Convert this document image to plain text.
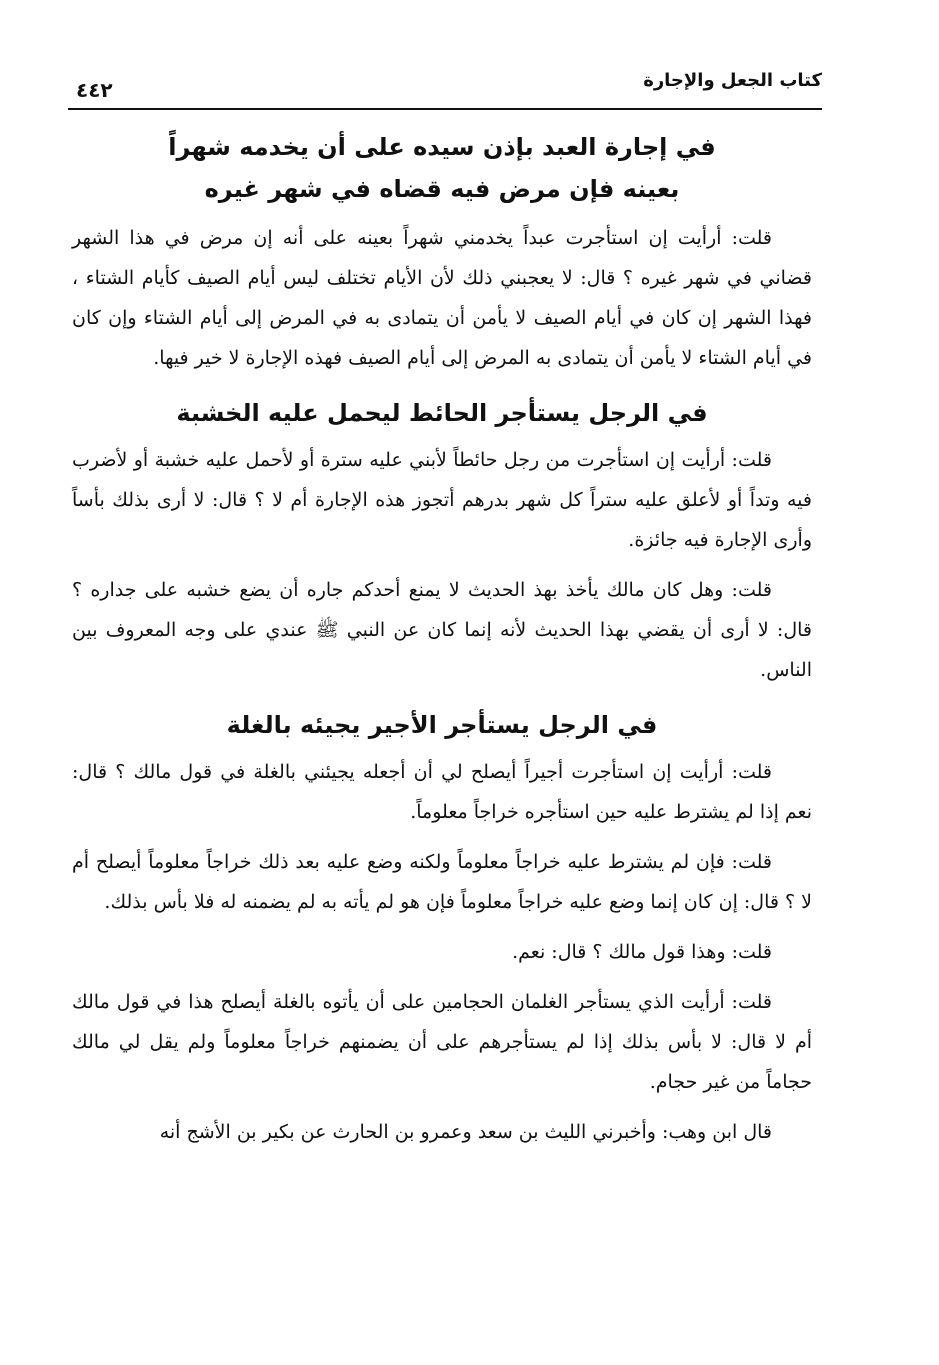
كتاب الجعل والإجارة
٤٤٢
في إجارة العبد بإذن سيده على أن يخدمه شهراً
بعينه فإن مرض فيه قضاه في شهر غيره

قلت: أرأيت إن استأجرت عبداً يخدمني شهراً بعينه على أنه إن مرض في هذا الشهر قضاني في شهر غيره ؟ قال: لا يعجبني ذلك لأن الأيام تختلف ليس أيام الصيف كأيام الشتاء ، فهذا الشهر إن كان في أيام الصيف لا يأمن أن يتمادى به في المرض إلى أيام الشتاء وإن كان في أيام الشتاء لا يأمن أن يتمادى به المرض إلى أيام الصيف فهذه الإجارة لا خير فيها.

في الرجل يستأجر الحائط ليحمل عليه الخشبة

قلت: أرأيت إن استأجرت من رجل حائطاً لأبني عليه سترة أو لأحمل عليه خشبة أو لأضرب فيه وتداً أو لأعلق عليه ستراً كل شهر بدرهم أتجوز هذه الإجارة أم لا ؟ قال: لا أرى بذلك بأساً وأرى الإجارة فيه جائزة.

قلت: وهل كان مالك يأخذ بهذ الحديث لا يمنع أحدكم جاره أن يضع خشبه على جداره ؟ قال: لا أرى أن يقضي بهذا الحديث لأنه إنما كان عن النبي ﷺ عندي على وجه المعروف بين الناس.

في الرجل يستأجر الأجير يجيئه بالغلة

قلت: أرأيت إن استأجرت أجيراً أيصلح لي أن أجعله يجيئني بالغلة في قول مالك ؟ قال: نعم إذا لم يشترط عليه حين استأجره خراجاً معلوماً.

قلت: فإن لم يشترط عليه خراجاً معلوماً ولكنه وضع عليه بعد ذلك خراجاً معلوماً أيصلح أم لا ؟ قال: إن كان إنما وضع عليه خراجاً معلوماً فإن هو لم يأته به لم يضمنه له فلا بأس بذلك.

قلت: وهذا قول مالك ؟ قال: نعم.

قلت: أرأيت الذي يستأجر الغلمان الحجامين على أن يأتوه بالغلة أيصلح هذا في قول مالك أم لا قال: لا بأس بذلك إذا لم يستأجرهم على أن يضمنهم خراجاً معلوماً ولم يقل لي مالك حجاماً من غير حجام.

قال ابن وهب: وأخبرني الليث بن سعد وعمرو بن الحارث عن بكير بن الأشج أنه
